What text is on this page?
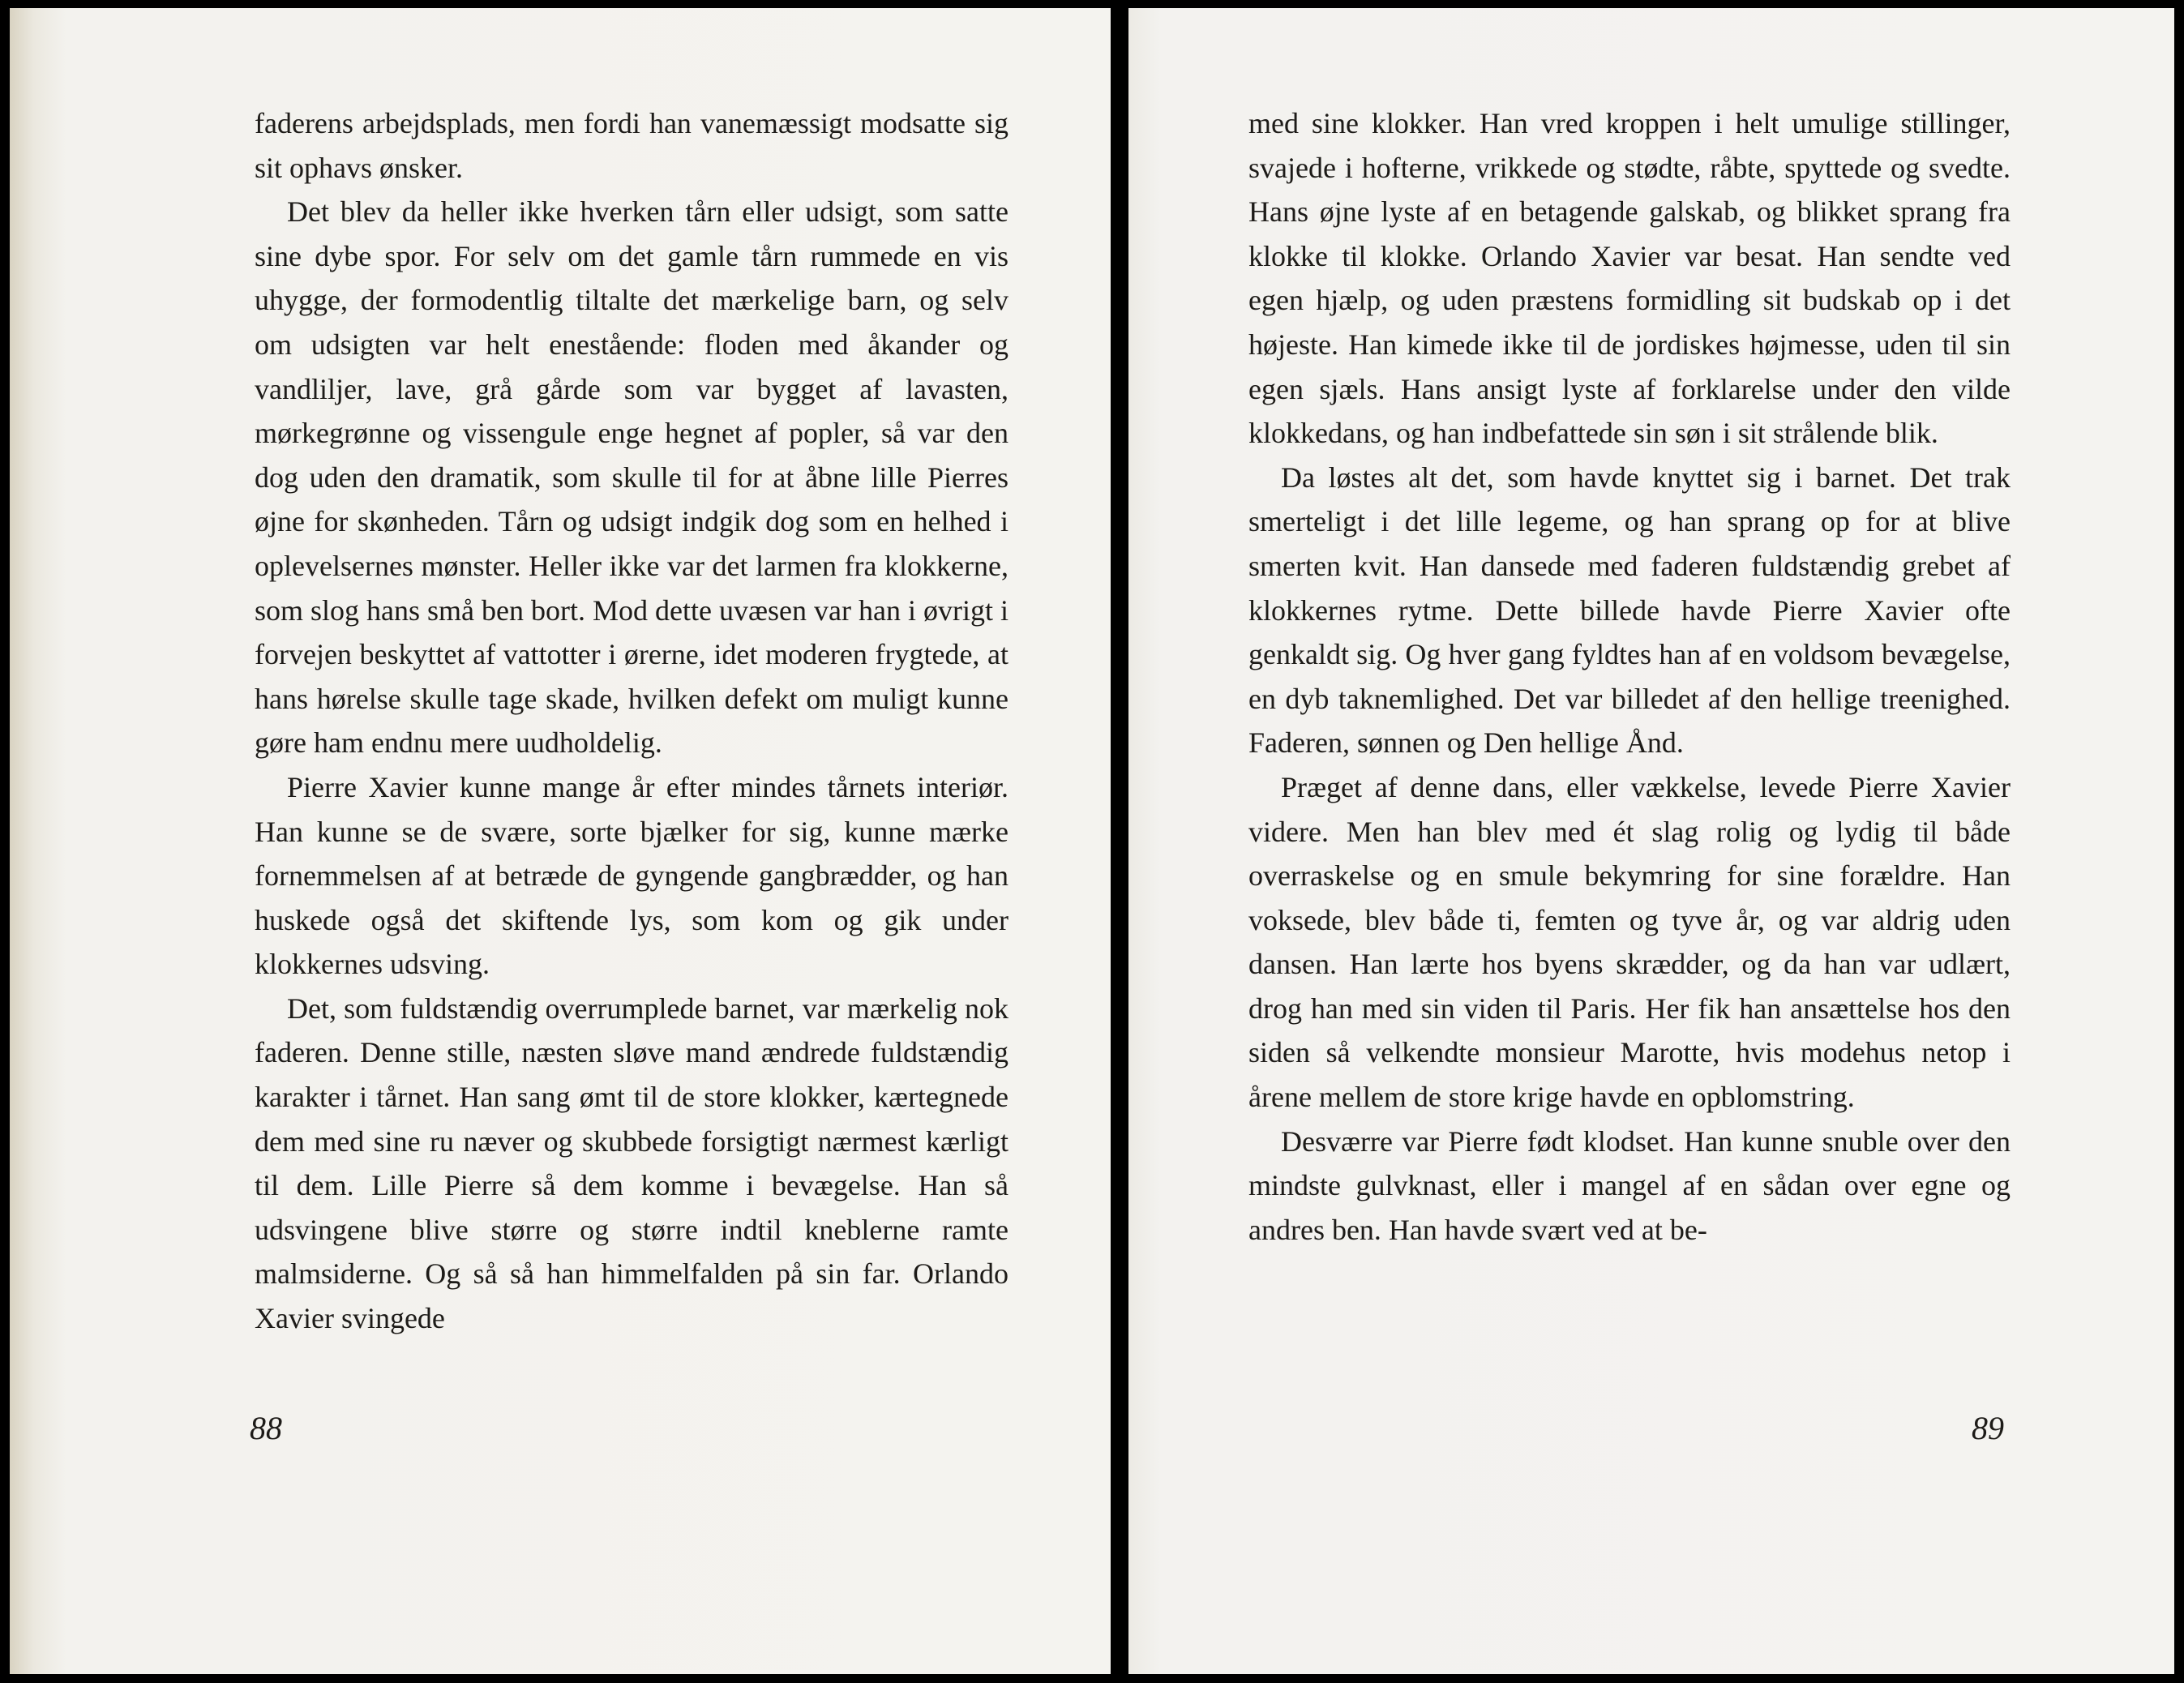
faderens arbejdsplads, men fordi han vanemæssigt modsatte sig sit ophavs ønsker.

Det blev da heller ikke hverken tårn eller udsigt, som satte sine dybe spor. For selv om det gamle tårn rummede en vis uhygge, der formodentlig tiltalte det mærkelige barn, og selv om udsigten var helt enestående: floden med åkander og vandliljer, lave, grå gårde som var bygget af lavasten, mørkegrønne og vissengule enge hegnet af popler, så var den dog uden den dramatik, som skulle til for at åbne lille Pierres øjne for skønheden. Tårn og udsigt indgik dog som en helhed i oplevelsernes mønster. Heller ikke var det larmen fra klokkerne, som slog hans små ben bort. Mod dette uvæsen var han i øvrigt i forvejen beskyttet af vattotter i ørerne, idet moderen frygtede, at hans hørelse skulle tage skade, hvilken defekt om muligt kunne gøre ham endnu mere uudholdelig.

Pierre Xavier kunne mange år efter mindes tårnets interiør. Han kunne se de svære, sorte bjælker for sig, kunne mærke fornemmelsen af at betræde de gyngende gangbrædder, og han huskede også det skiftende lys, som kom og gik under klokkernes udsving.

Det, som fuldstændig overrumplede barnet, var mærkelig nok faderen. Denne stille, næsten sløve mand ændrede fuldstændig karakter i tårnet. Han sang ømt til de store klokker, kærtegnede dem med sine ru næver og skubbede forsigtigt nærmest kærligt til dem. Lille Pierre så dem komme i bevægelse. Han så udsvingene blive større og større indtil kneblerne ramte malmsiderne. Og så så han himmelfalden på sin far. Orlando Xavier svingede

88

med sine klokker. Han vred kroppen i helt umulige stillinger, svajede i hofterne, vrikkede og stødte, råbte, spyttede og svedte. Hans øjne lyste af en betagende galskab, og blikket sprang fra klokke til klokke. Orlando Xavier var besat. Han sendte ved egen hjælp, og uden præstens formidling sit budskab op i det højeste. Han kimede ikke til de jordiskes højmesse, uden til sin egen sjæls. Hans ansigt lyste af forklarelse under den vilde klokkedans, og han indbefattede sin søn i sit strålende blik.

Da løstes alt det, som havde knyttet sig i barnet. Det trak smerteligt i det lille legeme, og han sprang op for at blive smerten kvit. Han dansede med faderen fuldstændig grebet af klokkernes rytme. Dette billede havde Pierre Xavier ofte genkaldt sig. Og hver gang fyldtes han af en voldsom bevægelse, en dyb taknemlighed. Det var billedet af den hellige treenighed. Faderen, sønnen og Den hellige Ånd.

Præget af denne dans, eller vækkelse, levede Pierre Xavier videre. Men han blev med ét slag rolig og lydig til både overraskelse og en smule bekymring for sine forældre. Han voksede, blev både ti, femten og tyve år, og var aldrig uden dansen. Han lærte hos byens skrædder, og da han var udlært, drog han med sin viden til Paris. Her fik han ansættelse hos den siden så velkendte monsieur Marotte, hvis modehus netop i årene mellem de store krige havde en opblomstring.

Desværre var Pierre født klodset. Han kunne snuble over den mindste gulvknast, eller i mangel af en sådan over egne og andres ben. Han havde svært ved at be-

89
